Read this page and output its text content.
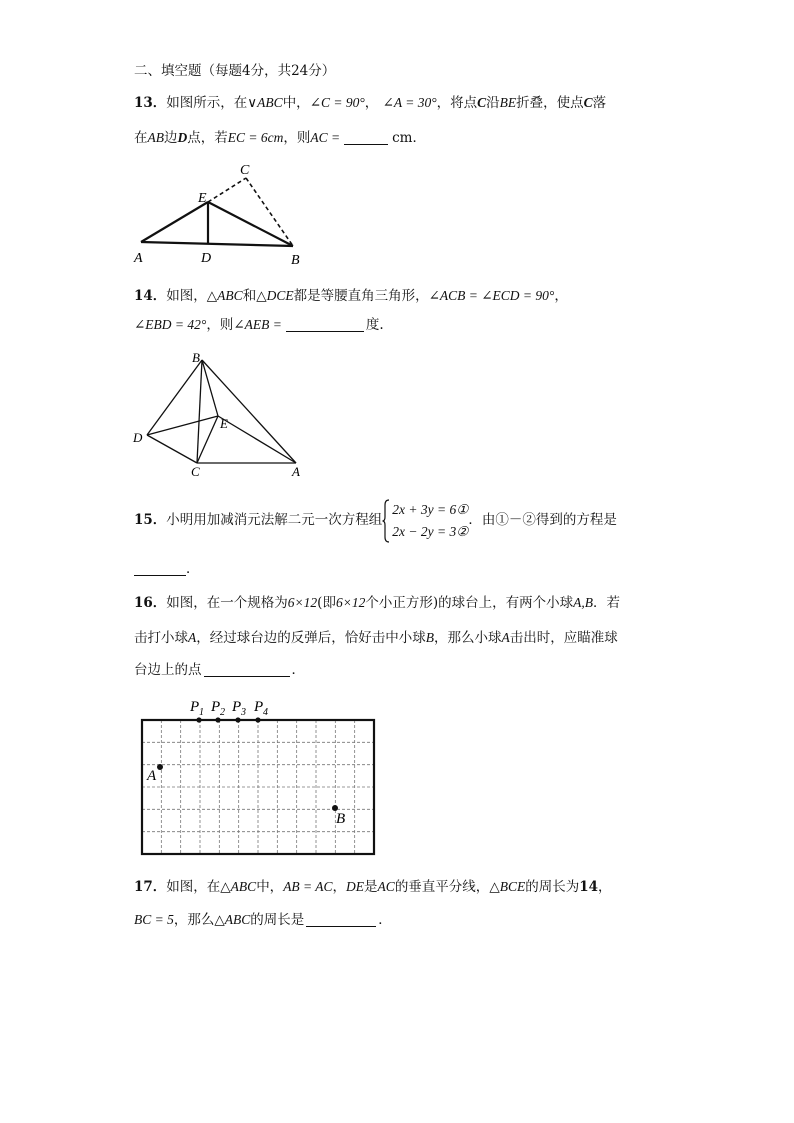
二、填空题（每题4分，共24分）
13．如图所示，在∨ABC中，∠C = 90°， ∠A = 30°，将点C沿BE折叠，使点C落
在AB边D点，若EC = 6cm，则AC =	cm．
A	D	B
E
C
14．如图，△ABC和△DCE都是等腰直角三角形，∠ACB = ∠ECD = 90°，
∠EBD = 42°，则∠AEB =	度.
B
D
E
C	A
15．小明用加减消元法解二元一次方程组
2x + 3y = 6①
2x − 2y = 3②
．由①－②得到的方程是
．
16．如图，在一个规格为6×12(即6×12个小正方形)的球台上，有两个小球A,B．若
击打小球A，经过球台边的反弹后，恰好击中小球B，那么小球A击出时，应瞄准球
台边上的点	．
P 1 P 2 P 3 P 4
A
B
17．如图，在△ABC中，AB = AC，DE是AC的垂直平分线，△BCE的周长为14，
BC = 5，那么△ABC的周长是	．
